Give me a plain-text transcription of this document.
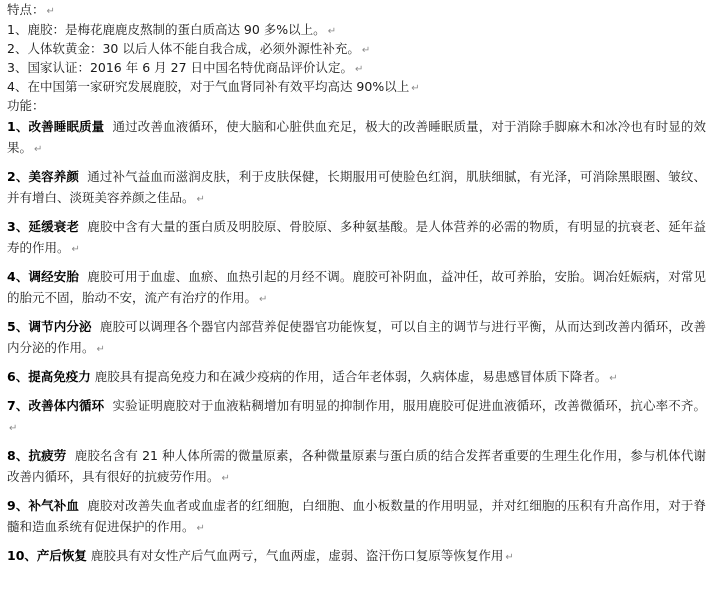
特点： ↵
1、鹿胶：是梅花鹿鹿皮熬制的蛋白质高达 90 多%以上。 ↵
2、人体软黄金：30 以后人体不能自我合成，必须外源性补充。 ↵
3、国家认证：2016 年 6 月 27 日中国名特优商品评价认定。 ↵
4、在中国第一家研究发展鹿胶，对于气血肾同补有效平均高达 90%以上 ↵
功能：
1、改善睡眠质量 通过改善血液循环，使大脑和心脏供血充足，极大的改善睡眠质量，对于消除手脚麻木和冰冷也有时显的效果。 ↵
2、美容养颜 通过补气益血而滋润皮肤，利于皮肤保健，长期服用可使脸色红润，肌肤细腻，有光泽，可消除黑眼圈、皱纹、并有增白、淡斑美容养颜之佳品。 ↵
3、延缓衰老 鹿胶中含有大量的蛋白质及明胶原、骨胶原、多种氨基酸。是人体营养的必需的物质，有明显的抗衰老、延年益寿的作用。 ↵
4、调经安胎 鹿胶可用于血虚、血瘀、血热引起的月经不调。鹿胶可补阴血，益冲任，故可养胎，安胎。调冶妊娠病，对常见的胎元不固，胎动不安，流产有治疗的作用。 ↵
5、调节内分泌 鹿胶可以调理各个器官内部营养促使器官功能恢复，可以自主的调节与进行平衡，从而达到改善内循环，改善内分泌的作用。 ↵
6、提高免疫力 鹿胶具有提高免疫力和在减少疫病的作用，适合年老体弱，久病体虚，易患感冒体质下降者。 ↵
7、改善体内循环 实验证明鹿胶对于血液粘稠增加有明显的抑制作用，服用鹿胶可促进血液循环，改善微循环，抗心率不齐。↵
8、抗疲劳 鹿胶名含有 21 种人体所需的微量原素，各种微量原素与蛋白质的结合发挥者重要的生理生化作用，参与机体代谢改善内循环，具有很好的抗疲劳作用。 ↵
9、补气补血 鹿胶对改善失血者或血虚者的红细胞，白细胞、血小板数量的作用明显，并对红细胞的压积有升高作用，对于脊髓和造血系统有促进保护的作用。 ↵
10、产后恢复 鹿胶具有对女性产后气血两亏，气血两虚，虚弱、盗汗伤口复原等恢复作用 ↵
